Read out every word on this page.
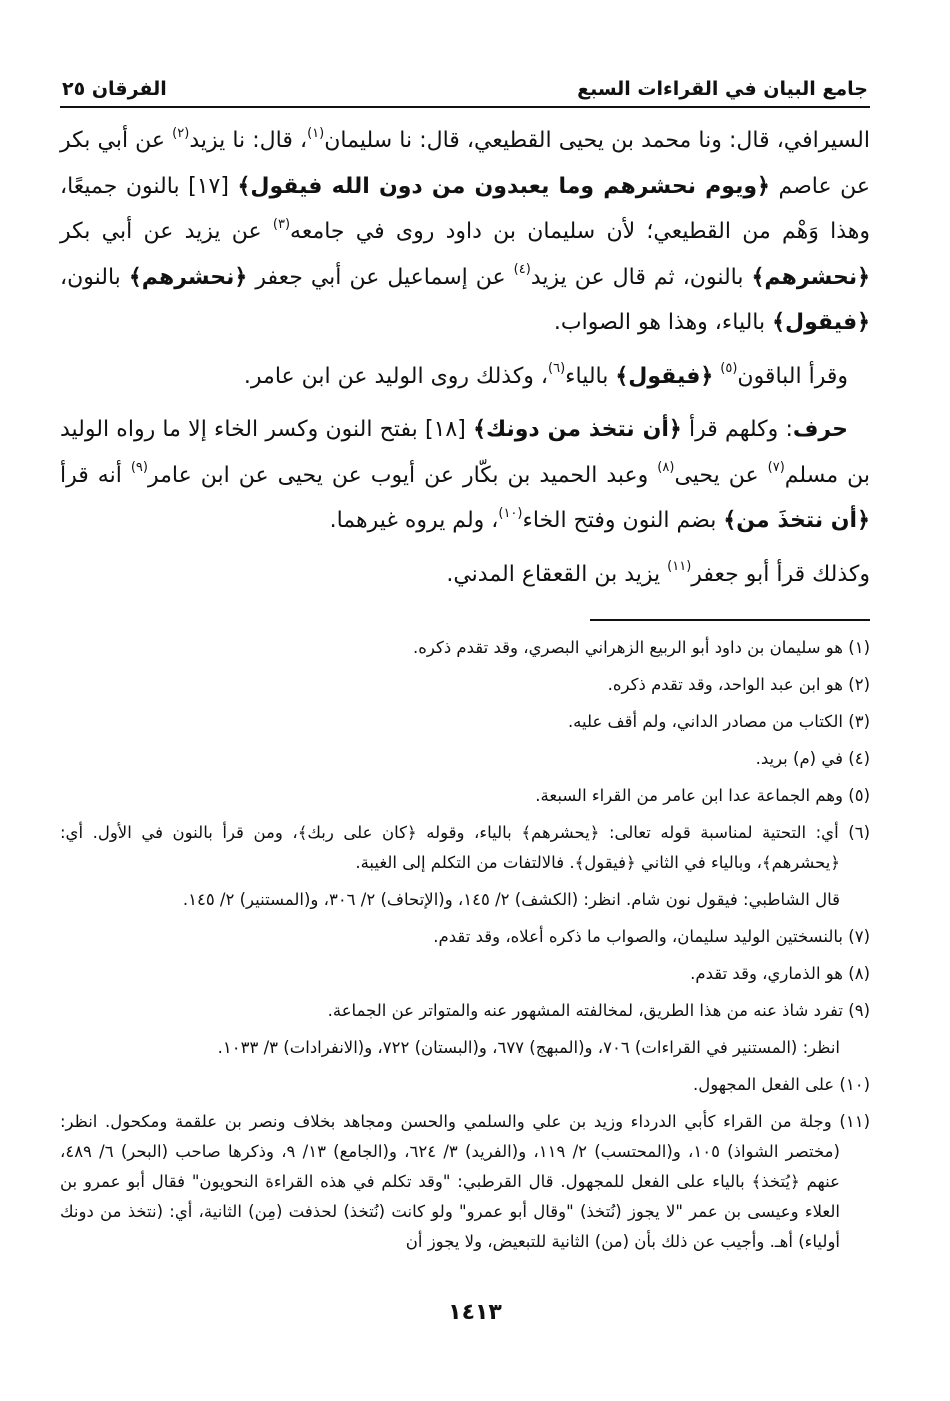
جامع البيان في القراءات السبع
الفرقان ٢٥

السيرافي، قال: ونا محمد بن يحيى القطيعي، قال: نا سليمان$^{(١)}$، قال: نا يزيد$^{(٢)}$ عن أبي بكر عن عاصم ﴿ويوم نحشرهم وما يعبدون من دون الله فيقول﴾ [١٧] بالنون جميعًا، وهذا وَهْم من القطيعي؛ لأن سليمان بن داود روى في جامعه$^{(٣)}$ عن يزيد عن أبي بكر ﴿نحشرهم﴾ بالنون، ثم قال عن يزيد$^{(٤)}$ عن إسماعيل عن أبي جعفر ﴿نحشرهم﴾ بالنون، ﴿فيقول﴾ بالياء، وهذا هو الصواب.

وقرأ الباقون$^{(٥)}$ ﴿فيقول﴾ بالياء$^{(٦)}$، وكذلك روى الوليد عن ابن عامر.

حرف: وكلهم قرأ ﴿أن نتخذ من دونك﴾ [١٨] بفتح النون وكسر الخاء إلا ما رواه الوليد بن مسلم$^{(٧)}$ عن يحيى$^{(٨)}$ وعبد الحميد بن بكّار عن أيوب عن يحيى عن ابن عامر$^{(٩)}$ أنه قرأ ﴿أن نتخذَ من﴾ بضم النون وفتح الخاء$^{(١٠)}$، ولم يروه غيرهما.

وكذلك قرأ أبو جعفر$^{(١١)}$ يزيد بن القعقاع المدني.

(١) هو سليمان بن داود أبو الربيع الزهراني البصري، وقد تقدم ذكره.

(٢) هو ابن عبد الواحد، وقد تقدم ذكره.

(٣) الكتاب من مصادر الداني، ولم أقف عليه.

(٤) في (م) بريد.

(٥) وهم الجماعة عدا ابن عامر من القراء السبعة.

(٦) أي: التحتية لمناسبة قوله تعالى: ﴿يحشرهم﴾ بالياء، وقوله ﴿كان على ربك﴾، ومن قرأ بالنون في الأول. أي: ﴿يحشرهم﴾، وبالياء في الثاني ﴿فيقول﴾. فالالتفات من التكلم إلى الغيبة.

قال الشاطبي: فيقول نون شام. انظر: (الكشف) ٢/ ١٤٥، و(الإتحاف) ٢/ ٣٠٦، و(المستنير) ٢/ ١٤٥.

(٧) بالنسختين الوليد سليمان، والصواب ما ذكره أعلاه، وقد تقدم.

(٨) هو الذماري، وقد تقدم.

(٩) تفرد شاذ عنه من هذا الطريق، لمخالفته المشهور عنه والمتواتر عن الجماعة.

انظر: (المستنير في القراءات) ٧٠٦، و(المبهج) ٦٧٧، و(البستان) ٧٢٢، و(الانفرادات) ٣/ ١٠٣٣.

(١٠) على الفعل المجهول.

(١١) وجلة من القراء كأبي الدرداء وزيد بن علي والسلمي والحسن ومجاهد بخلاف ونصر بن علقمة ومكحول. انظر: (مختصر الشواذ) ١٠٥، و(المحتسب) ٢/ ١١٩، و(الفريد) ٣/ ٦٢٤، و(الجامع) ١٣/ ٩، وذكرها صاحب (البحر) ٦/ ٤٨٩، عنهم ﴿يُتخذ﴾ بالياء على الفعل للمجهول. قال القرطبي: "وقد تكلم في هذه القراءة النحويون" فقال أبو عمرو بن العلاء وعيسى بن عمر "لا يجوز (نُتخذ) "وقال أبو عمرو" ولو كانت (نُتخذ) لحذفت (مِن) الثانية، أي: (نتخذ من دونك أولياء) أهـ. وأجيب عن ذلك بأن (من) الثانية للتبعيض، ولا يجوز أن

١٤١٣
